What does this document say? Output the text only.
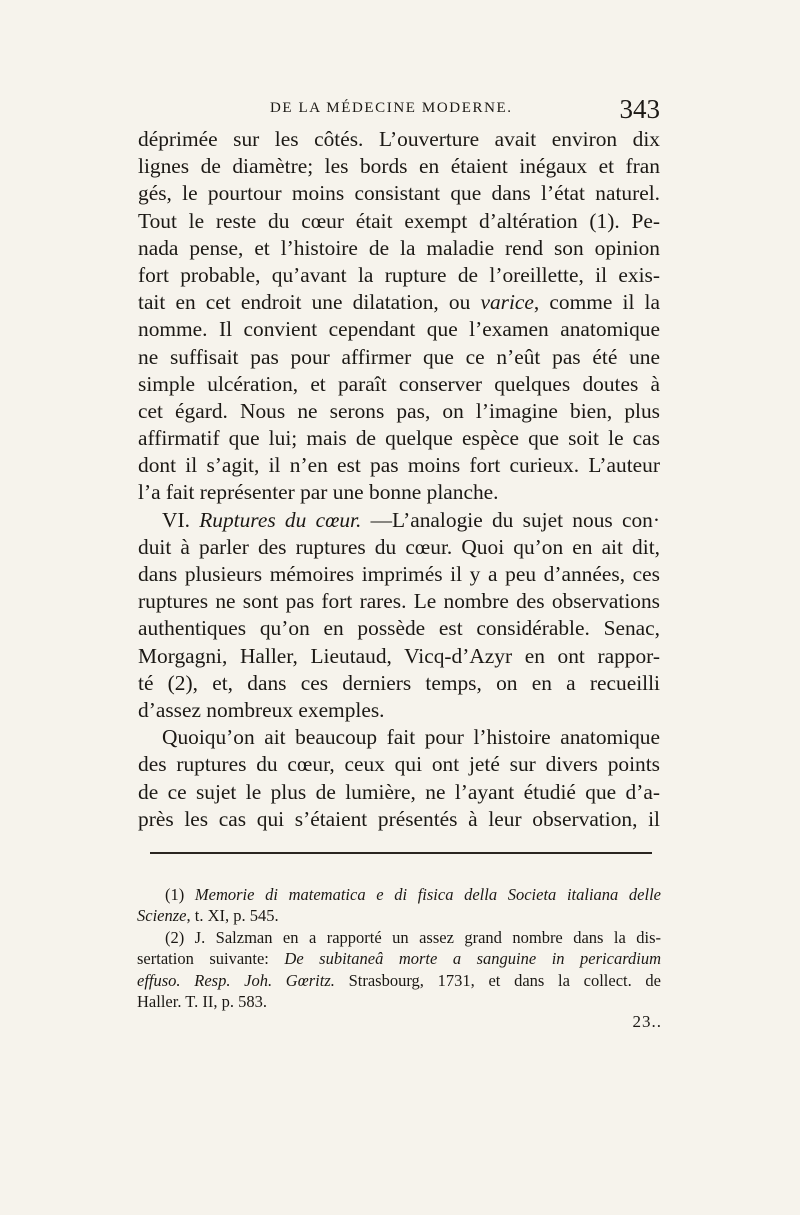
DE LA MÉDECINE MODERNE.	343
déprimée sur les côtés. L’ouverture avait environ dix
lignes de diamètre; les bords en étaient inégaux et fran
gés, le pourtour moins consistant que dans l’état naturel.
Tout le reste du cœur était exempt d’altération (1). Pe-
nada pense, et l’histoire de la maladie rend son opinion
fort probable, qu’avant la rupture de l’oreillette, il exis-
tait en cet endroit une dilatation, ou varice, comme il la
nomme. Il convient cependant que l’examen anatomique
ne suffisait pas pour affirmer que ce n’eût pas été une
simple ulcération, et paraît conserver quelques doutes à
cet égard. Nous ne serons pas, on l’imagine bien, plus
affirmatif que lui; mais de quelque espèce que soit le cas
dont il s’agit, il n’en est pas moins fort curieux. L’auteur
l’a fait représenter par une bonne planche.
VI. Ruptures du cœur. —L’analogie du sujet nous con·
duit à parler des ruptures du cœur. Quoi qu’on en ait dit,
dans plusieurs mémoires imprimés il y a peu d’années, ces
ruptures ne sont pas fort rares. Le nombre des observations
authentiques qu’on en possède est considérable. Senac,
Morgagni, Haller, Lieutaud, Vicq-d’Azyr en ont rappor-
té (2), et, dans ces derniers temps, on en a recueilli
d’assez nombreux exemples.
Quoiqu’on ait beaucoup fait pour l’histoire anatomique
des ruptures du cœur, ceux qui ont jeté sur divers points
de ce sujet le plus de lumière, ne l’ayant étudié que d’a-
près les cas qui s’étaient présentés à leur observation, il
(1) Memorie di matematica e di fisica della Societa italiana delle
Scienze, t. XI, p. 545.
(2) J. Salzman en a rapporté un assez grand nombre dans la dis-
sertation suivante: De subitaneâ morte a sanguine in pericardium
effuso. Resp. Joh. Gœritz. Strasbourg, 1731, et dans la collect. de
Haller. T. II, p. 583.
23..
